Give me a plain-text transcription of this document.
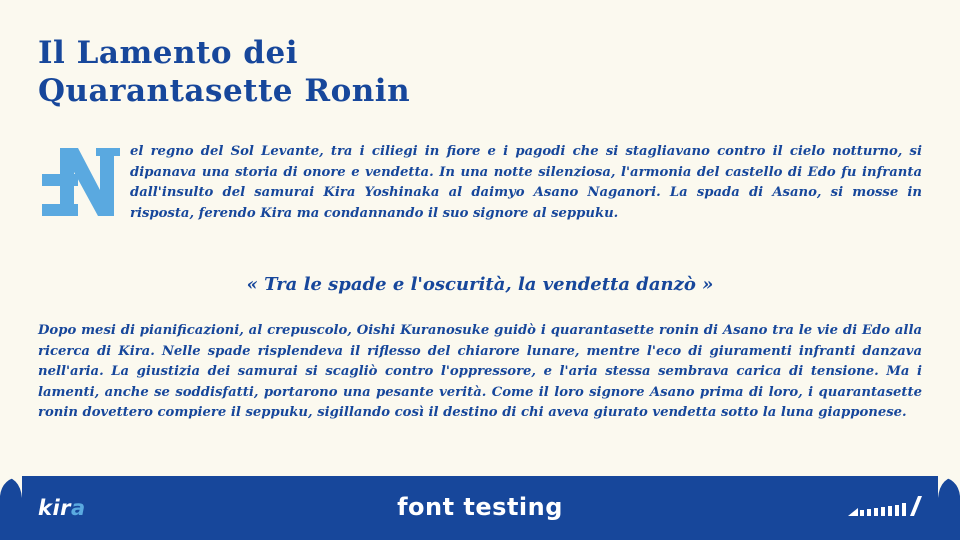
Il Lamento dei
Quarantasette Ronin
el regno del Sol Levante, tra i ciliegi in fiore e i pagodi che si stagliavano contro il cielo notturno, si dipanava una storia di onore e vendetta. In una notte silenziosa, l'armonia del castello di Edo fu infranta dall'insulto del samurai Kira Yoshinaka al daimyo Asano Naganori. La spada di Asano, si mosse in risposta, ferendo Kira ma condannando il suo signore al seppuku.
« Tra le spade e l'oscurità, la vendetta danzò »
Dopo mesi di pianificazioni, al crepuscolo, Oishi Kuranosuke guidò i quarantasette ronin di Asano tra le vie di Edo alla ricerca di Kira. Nelle spade risplendeva il riflesso del chiarore lunare, mentre l'eco di giuramenti infranti danzava nell'aria. La giustizia dei samurai si scagliò contro l'oppressore, e l'aria stessa sembrava carica di tensione. Ma i lamenti, anche se soddisfatti, portarono una pesante verità. Come il loro signore Asano prima di loro, i quarantasette ronin dovettero compiere il seppuku, sigillando così il destino di chi aveva giurato vendetta sotto la luna giapponese.
kira	font testing
